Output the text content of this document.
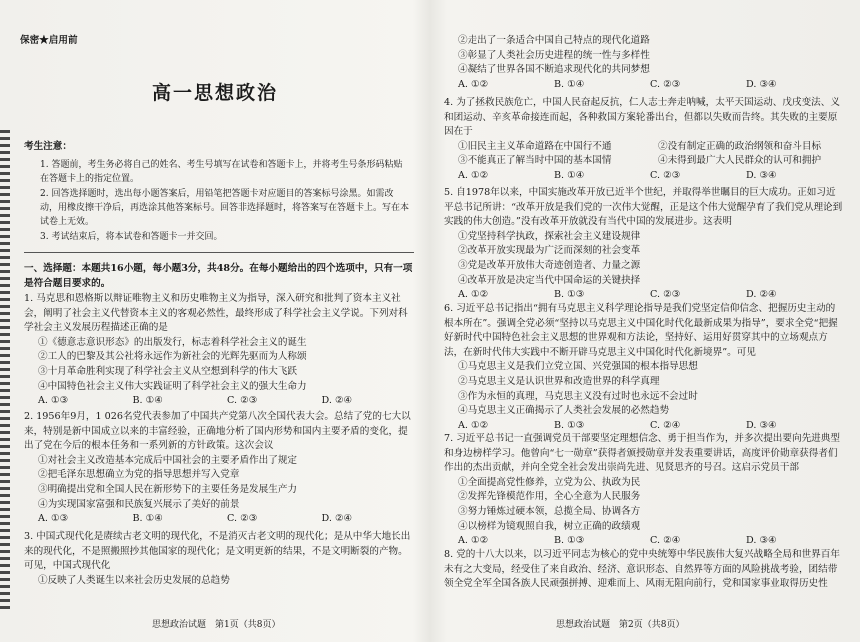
保密★启用前
高一思想政治
考生注意：

1. 答题前，考生务必将自己的姓名、考生号填写在试卷和答题卡上，并将考生号条形码粘贴在答题卡上的指定位置。

2. 回答选择题时，选出每小题答案后，用铅笔把答题卡对应题目的答案标号涂黑。如需改动，用橡皮擦干净后，再选涂其他答案标号。回答非选择题时，将答案写在答题卡上。写在本试卷上无效。

3. 考试结束后，将本试卷和答题卡一并交回。

一、选择题：本题共16小题，每小题3分，共48分。在每小题给出的四个选项中，只有一项是符合题目要求的。

1. 马克思和恩格斯以辩证唯物主义和历史唯物主义为指导，深入研究和批判了资本主义社会，阐明了社会主义代替资本主义的客观必然性，最终形成了科学社会主义学说。下列对科学社会主义发展历程描述正确的是

①《德意志意识形态》的出版发行，标志着科学社会主义的诞生

②工人的巴黎及其公社将永远作为新社会的光辉先驱而为人称颂

③十月革命胜利实现了科学社会主义从空想到科学的伟大飞跃

④中国特色社会主义伟大实践证明了科学社会主义的强大生命力

A. ①③	B. ①④	C. ②③	D. ②④

2. 1956年9月，1 026名党代表参加了中国共产党第八次全国代表大会。总结了党的七大以来，特别是新中国成立以来的丰富经验，正确地分析了国内形势和国内主要矛盾的变化，提出了党在今后的根本任务和一系列新的方针政策。这次会议

①对社会主义改造基本完成后中国社会的主要矛盾作出了规定

②把毛泽东思想确立为党的指导思想并写入党章

③明确提出党和全国人民在新形势下的主要任务是发展生产力

④为实现国家富强和民族复兴展示了美好的前景

A. ①③	B. ①④	C. ②③	D. ②④

3. 中国式现代化是赓续古老文明的现代化，不是消灭古老文明的现代化；是从中华大地长出来的现代化，不是照搬照抄其他国家的现代化；是文明更新的结果，不是文明断裂的产物。可见，中国式现代化

①反映了人类诞生以来社会历史发展的总趋势

思想政治试题　第1页（共8页）

②走出了一条适合中国自己特点的现代化道路

③彰显了人类社会历史进程的统一性与多样性

④凝结了世界各国不断追求现代化的共同梦想

A. ①②	B. ①④	C. ②③	D. ③④

4. 为了拯救民族危亡，中国人民奋起反抗，仁人志士奔走呐喊，太平天国运动、戊戌变法、义和团运动、辛亥革命接连而起，各种救国方案轮番出台，但都以失败而告终。其失败的主要原因在于

①旧民主主义革命道路在中国行不通	②没有制定正确的政治纲领和奋斗目标
③不能真正了解当时中国的基本国情	④未得到最广大人民群众的认可和拥护
A. ①②	B. ①④	C. ②③	D. ③④

5. 自1978年以来，中国实施改革开放已近半个世纪，并取得举世瞩目的巨大成功。正如习近平总书记所讲：“改革开放是我们党的一次伟大觉醒，正是这个伟大觉醒孕育了我们党从理论到实践的伟大创造。”没有改革开放就没有当代中国的发展进步。这表明

①党坚持科学执政，探索社会主义建设规律

②改革开放实现最为广泛而深刻的社会变革

③党是改革开放伟大奇迹创造者、力量之源

④改革开放是决定当代中国命运的关键抉择

A. ①②	B. ①③	C. ②③	D. ②④

6. 习近平总书记指出“拥有马克思主义科学理论指导是我们党坚定信仰信念、把握历史主动的根本所在”。强调全党必须“坚持以马克思主义中国化时代化最新成果为指导”，要求全党“把握好新时代中国特色社会主义思想的世界观和方法论，坚持好、运用好贯穿其中的立场观点方法，在新时代伟大实践中不断开辟马克思主义中国化时代化新境界”。可见

①马克思主义是我们立党立国、兴党强国的根本指导思想

②马克思主义是认识世界和改造世界的科学真理

③作为永恒的真理，马克思主义没有过时也永远不会过时

④马克思主义正确揭示了人类社会发展的必然趋势

A. ①②	B. ①③	C. ②④	D. ③④

7. 习近平总书记一直强调党员干部要坚定理想信念、勇于担当作为，并多次提出要向先进典型和身边榜样学习。他曾向“七一勋章”获得者颁授勋章并发表重要讲话，高度评价勋章获得者们作出的杰出贡献，并向全党全社会发出崇尚先进、见贤思齐的号召。这启示党员干部

①全面提高党性修养，立党为公、执政为民

②发挥先锋模范作用，全心全意为人民服务

③努力锤炼过硬本领，总揽全局、协调各方

④以榜样为镜观照自我，树立正确的政绩观

A. ①②	B. ①③	C. ②④	D. ③④

8. 党的十八大以来，以习近平同志为核心的党中央统筹中华民族伟大复兴战略全局和世界百年未有之大变局，经受住了来自政治、经济、意识形态、自然界等方面的风险挑战考验，团结带领全党全军全国各族人民顽强拼搏、迎难而上、风雨无阻向前行，党和国家事业取得历史性

思想政治试题　第2页（共8页）
